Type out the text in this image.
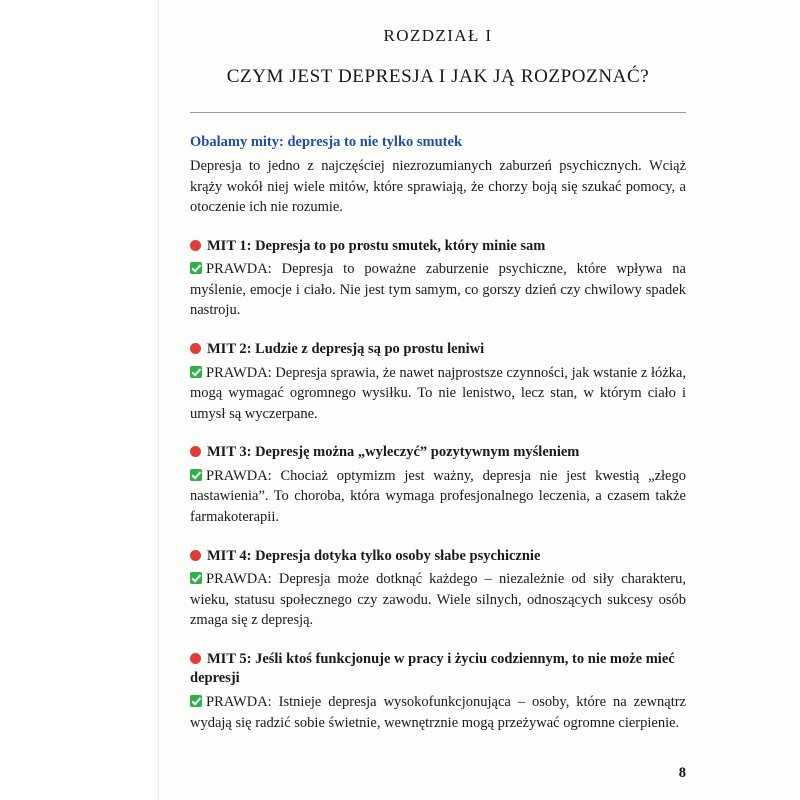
ROZDZIAŁ I
CZYM JEST DEPRESJA I JAK JĄ ROZPOZNAĆ?
Obalamy mity: depresja to nie tylko smutek

Depresja to jedno z najczęściej niezrozumianych zaburzeń psychicznych. Wciąż krąży wokół niej wiele mitów, które sprawiają, że chorzy boją się szukać pomocy, a otoczenie ich nie rozumie.

MIT 1: Depresja to po prostu smutek, który minie sam

PRAWDA: Depresja to poważne zaburzenie psychiczne, które wpływa na myślenie, emocje i ciało. Nie jest tym samym, co gorszy dzień czy chwilowy spadek nastroju.

MIT 2: Ludzie z depresją są po prostu leniwi

PRAWDA: Depresja sprawia, że nawet najprostsze czynności, jak wstanie z łóżka, mogą wymagać ogromnego wysiłku. To nie lenistwo, lecz stan, w którym ciało i umysł są wyczerpane.

MIT 3: Depresję można „wyleczyć” pozytywnym myśleniem

PRAWDA: Chociaż optymizm jest ważny, depresja nie jest kwestią „złego nastawienia”. To choroba, która wymaga profesjonalnego leczenia, a czasem także farmakoterapii.

MIT 4: Depresja dotyka tylko osoby słabe psychicznie

PRAWDA: Depresja może dotknąć każdego – niezależnie od siły charakteru, wieku, statusu społecznego czy zawodu. Wiele silnych, odnoszących sukcesy osób zmaga się z depresją.

MIT 5: Jeśli ktoś funkcjonuje w pracy i życiu codziennym, to nie może mieć depresji

PRAWDA: Istnieje depresja wysokofunkcjonująca – osoby, które na zewnątrz wydają się radzić sobie świetnie, wewnętrznie mogą przeżywać ogromne cierpienie.

8
